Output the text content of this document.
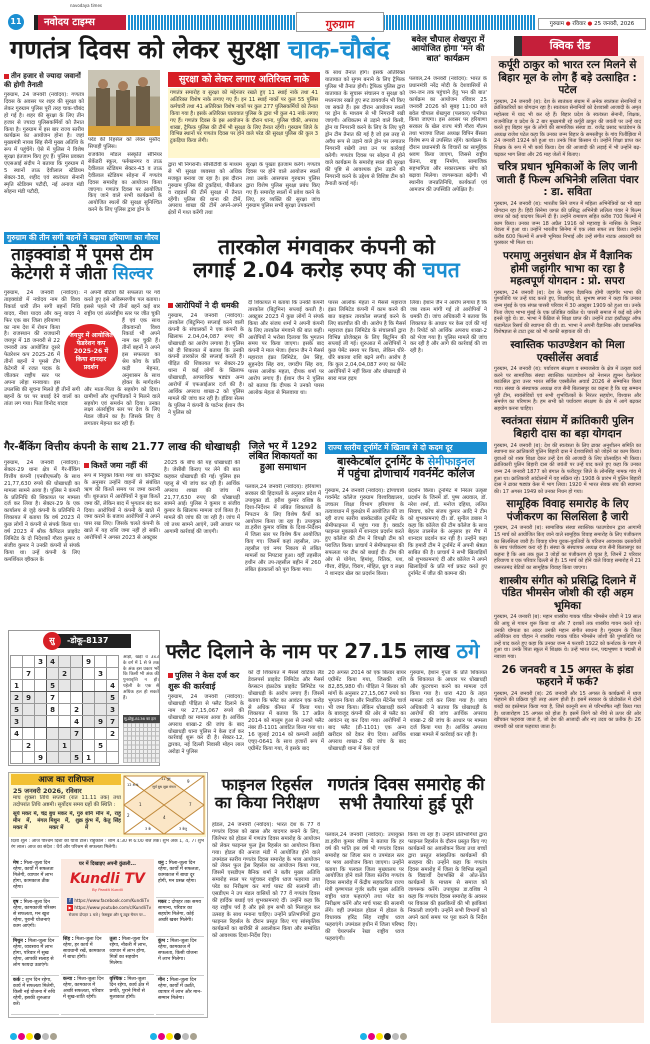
11
navodaya times
नवोदय टाइम्स	गुरुग्राम	गुरुग्राम ● रविवार ● 25 जनवरी, 2026
गणतंत्र दिवस को लेकर सुरक्षा चाक-चौबंद
तीन हजार से ज्यादा जवानों की होगी तैनाती
गुरुग्राम, 24 जनवरी (नवोदय): गणतंत्र दिवस के अवसर पर शहर की सुरक्षा को लेकर गुरुग्राम पुलिस पूरी तरह चाक-चौबंद हो गई है। शहर की सुरक्षा के लिए तीन हजार से ज्यादा पुलिसकर्मियों को तैनात किया है। गुरुग्राम में इस बार राज्य स्तरीय कार्यक्रम का आयोजन होना है। जहां मुख्यमंत्री नायब सिंह सैनी मुख्य अतिथि के रूप में पहुंचेंगे। ऐसे में पुलिस ने विशेष सुरक्षा इंतजाम किए हुए हैं। पुलिस प्रवक्ता एएसआई संदीप ने बताया कि गुरुग्राम में 5 स्थानों ताऊ देवीलाल स्टेडियम सेक्टर-38, शहीद एवं स्वतंत्रता सेनानी स्मृति स्टेडियम पटौदी, नई अनाज मंडी सोहना मंडी पटौदी,
परेड की रिहर्सल को लेकर मुस्तैद सिपाही पुलिस।
राजकीय मॉडल संस्कृति सीनियर सेकेंडरी स्कूल, फर्रुखनगर व ताऊ देवीलाल स्टेडियम सेक्टर-43 व ताऊ देवीलाल स्टेडियम सोहना में गणतंत्र दिवस समारोह का आयोजन किया जाएगा। गणतंत्र दिवस पर आयोजित किए जाने वाले सभी कार्यक्रमों के आयोजित स्थलों की सुरक्षा सुनिश्चित करने के लिए पुलिस द्वारा ड्रोन के
सुरक्षा को लेकर लगाए अतिरिक्त नाके
गणतंत्र समारोह व सुरक्षा को मद्देनजर रखते हुए 11 स्थाई नाके तथा 41 अतिरिक्त विशेष नाके लगाए गए हैं। इन 11 स्थाई नाकों पर कुल 55 पुलिस कर्मचारी तथा 41 अतिरिक्त विशेष नाकों पर कुल 277 पुलिसकर्मियों को तैनात किया गया है। इसके अतिरिक्त यातायात पुलिस के द्वारा भी कुल 41 नाके लगाए गए हैं। गणतंत्र दिवस के इस आयोजन के दौरान थाना, पुलिस चौकी, अपराध शाखा, ट्रैफिक पुलिस की टीमें भी सुरक्षा के लिए तैनात रहेंगी। गुरुग्राम जिले के विभिन्न स्थानों पर गणतंत्र दिवस पर होने वाले परेड की सुरक्षा पुलिस की कुल 3 टुकड़िया किया लेगी।
द्वारा भी निगरानी। सीसीटीवी के माध्यम से भी सुरक्षा व्यवस्था को अधिक मजबूत बनाया जा रहा है। इस दौरान गुरुग्राम पुलिस की टुकड़ियां, पीसीआर व राइडर्स की टीमें सुरक्षा में तैनात रहेंगी। पुलिस की थाना की टीमें, अपराध शाखा की टीमें अपने-अपने क्षेत्रों में गश्त करेंगी तथा
सुरक्षा के पुख्ता इंतजाम करेंगे। गणतंत्र दिवस पर होने वाले आयोजन स्थलों तथा उसके आसपास गुरुग्राम पुलिस द्वारा विशेष पुलिस सुरक्षा प्रबंध किए गए हैं। समारोह स्थलों में प्रवेश करने के लिए, हर व्यक्ति की सुरक्षा जांच गुरुग्राम पुलिस सभी सुरक्षा उपकरणों
के साथ तैनात होंगे। इसके अतिरिक्त यातायात को सुगम बनाने के लिए ट्रैफिक पुलिस भी तैनात होगी। ट्रैफिक पुलिस द्वारा यातायात के सुचारू संचालन व सुरक्षा को मध्यनजर रखते हुए रूट डायवर्जन भी किए जा सकते हैं। इस दौरान आयोजन स्थलों पर ड्रोन के माध्यम से भी निगरानी रखी जाएगी। अधिकतम से उड़ाने वाले किसी, ड्रोन या निगरानी करने के लिए के लिए पुरी ड्रोन टीम तैनात की गई है जो इस तरह से अवैध रूप से उड़ाने वाले ड्रोन पर लगातार निगरानी रखेगी तथा उन पर कार्रवाई करेगी। गणतंत्र दिवस पर सोहना में होने वाले कार्यक्रम के समारोह स्थल की सुरक्षा की पुष्टि से आवश्यक ड्रोन उड़ाने की निगरानी करने के उद्देश्य से विशिष्ट टीम को तैनाती कराई गई।
बवेल चौपाल शेखपुरा में आयोजित होगा 'मन की बात' कार्यक्रम
पलवल,24 जनवरी (नवोदय): भारत के प्रधानमंत्री नरेंद्र मोदी के देशवासियों से जन-जन तक पहुंचाने हेतु 'मन की बात' कार्यक्रम का आयोजन रविवार 25 जनवरी 2026 को सुबह 11:00 बजे बवेल चौपाल शेखपुरा (पलवल) पानीपत किया जाएगा। इस अवसर पर हरियाणा सरकार के खेल राज्य मंत्री गौरव गौतम तथा भाजपा जिला अध्यक्ष विपिन बैंसला विशेष रूप से उपस्थित रहेंगे। कार्यक्रम के दौरान प्रधानमंत्री के विचारों का सामूहिक श्रवण किया जाएगा, जिससे राष्ट्रीय चेतना, राष्ट्र निर्माण, सामाजिक सहभागिता और सकारात्मक सोच को बढ़ावा मिलेगा। जागरूकता बढ़ेगी। भी स्थानीय जनप्रतिनिधि, कार्यकर्ता एवं आमजन की उपस्थिति अपेक्षित है।
गुरुग्राम की तीन सगी बहनों ने बढ़ाया हरियाणा का गौरव
ताइक्वांडो में पूमसे टीम
केटेगरी में जीता सिल्वर
गुरुग्राम, 24 जनवरी (नवोदय): ताइक्वांडो में नवोदय नाम की विश्व रिकार्ड धारी तीन सगी बहनों निधि यादव, नीशा यादव और कनु यादव ने फिर एक बार जिला हरियाणा का नाम देश में रोशन किया है। राजस्थान की राजधानी जयपुर में 18 जनवरी से 22 जनवरी तक आयोजित दूसरे फेडरेशन कप 2025-26 में तीनों बहनों ने पूमसे टीम केटेगरी में रजत पदक के जीतकर राष्ट्रीय स्तर पर अपना लोहा मनवाया। इस उपलब्धि की सूचना मिलते ही तीनों सगी बहनों के घर पर बधाई देने वालों का तांता लग गया। पिता विनोद यादव
ने अपनी बेटियों की सफलता पर गर्व करते हुए इसे अविस्मरणीय पल बताया। इससे पहले भी तीनों बहनें कई बार राष्ट्रीय एवं अंतर्राष्ट्रीय स्तर पर जीत चुकी हैं एवं एक साथ तीकवान्डो विश्व रिकार्ड भी अपने नाम कर चुकी हैं। तीनों बहनों ने अपने इस सफलता का श्रेय कोच के प्रति कड़ी मेहनत, अनुशासन के साथ होकर के मार्गदर्शन और माता-पिता के सहयोग को दिया। ग्रामीणों और शुभचिंतकों ने मिलने वाले सहयोग एवं समर्थन को दिया। उनका लक्ष्य अंतर्राष्ट्रीय स्तर पर देश के लिए मेडल जीतने का है। जिसके लिए वे लगातार मेहनत कर रही हैं।
जयपुर में आयोजित फेडरेशन कप 2025-26 में किया शानदार प्रदर्शन
तारकोल मंगवाकर कंपनी को
लगाई 2.04 करोड़ रुपए की चपत
आरोपियों ने दी धमकी
गुरुग्राम, 24 जनवरी (नवोदय): तारकोल (बिटुमिन) सप्लाई करने वाली कंपनी के संचालकों ने एक कंपनी के खिलाफ 2.04,04,087 रुपए की धोखाधड़ी का आरोप लगाया है। पुलिस को दी शिकायत में बताया कि उनकी कंपनी तारकोल की सप्लाई करती है। पीड़ित की शिकायत पर सेक्टर-29 थाना में कई लोगों के खिलाफ धोखाधड़ी, आपराधिक षड्यंत्र अन्य आरोपों में एफआईआर दर्ज की है। आर्थिक अपराध शाखा-2 को पुलिस मामले की जांच कर रही है। इंडिया सेल्स के पुलिस ने कंपनी के पार्टनर ईशान जैन ने पुलिस को
दी शिकायत में बताया कि उनकी कंपनी तारकोल (बिटुमिन) सप्लाई करती है। अक्टूबर 2023 में कुछ लोगों ने संपर्क किया और संजय शर्मा ने अपनी कंपनी के लिए तारकोल मंगवाने की बात कही। आरोपियों ने भरोसा दिलाया कि भुगतान समय पर किया जाएगा। इसके बाद कंपनी ने माल भेजा। ईशान जैन ने मैसर्स महाराज इंफ्रा लिमिटेड, प्रेम सिंह, सुहनदेव सिंह राव, जगदीप सिंह राव, पारस आलोक महता, दीपक शर्मा पर आरोप लगाए हैं। ईशान जैन ने पुलिस को बताया कि दीपक ने उनको पारस आलोक मेहता से मिलवाया था।
पारस आलोक मेहता ने मैसर्स महाराज इंफ्रा लिमिटेड कंपनी में काम करने की बात कहकर तारकोल सप्लाई करने के लिए बातचीत की थी। आरोप है कि मैसर्स महाराज इंफ्रा लिमिटेड के संचालकों द्वारा विभिन्न प्रोजेक्ट्स के लिए बिटुमिन की सप्लाई ली गई। शुरुआत में आरोपियों ने कुछ पेमेंट समय पर किया, लेकिन धीरे-धीरे बकाया राशि बढ़ने लगी। आरोप है कि कुल 2,04,04,087 रुपए का पेमेंट आरोपियों ने नहीं किया और धोखाधड़ी से सारा माल हड़प
लिया। ईशान जैन ने आरोप लगाया है कि जब रकम मांगी गई तो आरोपियों ने धमकी दी। जांच अधिकारी ने बताया कि शिकायत के आधार पर केस दर्ज की गई है। रिपोर्ट को आर्थिक अपराध शाखा-2 को भेजा गया है। पुलिस मामले की जांच कर रही है और आगे की कार्रवाई की जा रही है।
गैर-बैंकिंग वित्तीय कंपनी के साथ 21.77 लाख की धोखाधड़ी
गुरुग्राम, 24 जनवरी (नवोदय): सेक्टर-29 थाना क्षेत्र में गैर-बैंकिंग वित्तीय कंपनी (एनबीएफसी) के साथ 21,77,630 रुपये की धोखाधड़ी का मामला सामने आया है। पुलिस ने कंपनी के प्रतिनिधि की शिकायत पर मामला दर्ज कर लिया है। सेक्टर-29 के एक कार्यालय से जुड़े कंपनी के प्रतिनिधि ने शिकायत में बताया कि वर्ष 2023 में कुछ लोगों ने कंपनी से संपर्क किया था। वर्ष 2023 में श्रीक कैपिटल प्राइवेट लिमिटेड के दो निदेशकों गौरव कुमार व संजीव कुमार ने उनकी कंपनी से संपर्क किया था। उन्हें कंपनी के लिए कमर्शियल व्हीकल के
किश्तें जमा नहीं कीं
रूप में नियुक्त किया गया था। कॉन्ट्रैक्ट के अनुसार उन्होंने वाहनों से संबंधित ऋण की किश्तें समय पर जमा करानी थीं। शुरुआत में आरोपियों ने कुछ किश्तें जमा कीं, लेकिन बाद में भुगतान बंद कर दिया। आरोपियों ने कंपनी के खाते में जमा कराने के बजाय आरोपियों ने अपने पास रख लिए। जिसके चलते कंपनी के खाते में यह राशि जमा नहीं हो सकी। आरोपियों ने अगस्त 2023 से अक्टूबर
2025 के बीच की यह धोखाधड़ी की है। जेसीबी किराए पर लेने की बात कहकर धोखाधड़ी की गई। पुलिस इस पहलू से भी जांच कर रही है। आर्थिक अपराध शाखा की जांच में 21,77,630 रुपए की धोखाधड़ी सामने आई। पुलिस ने कुमार व संजीव कुमार के खिलाफ मामला दर्ज किया है। मामले की जांच की जा रही है। जांच में जो तथ्य सामने आएंगे, उसी आधार पर आगामी कार्रवाई की जाएगी।
जिले भर में 1292 लंबित शिकायतों का हुआ समाधान
पलवल,24 जनवरी (नवोदय): हरियाणा सरकार की हिदायतों के अनुसार प्रदेश में उपायुक्त डॉ. हरीश कुमार वशिष्ठ के दिशा-निर्देशन में लंबित शिकायतों के निपटान के लिए विशेष कैंपों का आयोजन किया जा रहा है। उपायुक्त डा.हरीश कुमार वशिष्ठ के दिशा-निर्देशन में जिला स्तर पर विशेष कैंप आयोजित किए गए। जिसमें कहां तहसील, उप-तहसील एवं नगर निकाय से लंबित मामलों का निपटारा हुआ। वहीं तहसील हथीन और उप-तहसील बहीन में 260 लंबित इंतकालों को पूरा किया गया।
राज्य स्तरीय टूर्नामेंट में खिताब से दो कदम दूर
बास्केटबॉल टूर्नामेंट के सेमीफाइनल
में पहुंचा द्रोणाचार्य गवर्नमेंट कॉलेज
गुरुग्राम, 24 जनवरी (नवोदय): द्रोणाचार्य गवर्नमेंट कॉलेज गुरुग्राम विश्वविद्यालय, उच्चतर शिक्षा विभाग हरियाणा के तत्वावधान में कुरुक्षेत्र में आयोजित की जा रही राज्य स्तरीय बास्केटबॉल टूर्नामेंट के सेमीफाइनल में पहुंच गया है। क्वार्टर फाइनल मुकाबले में शानदार प्रदर्शन करते हुए कॉलेज की टीम ने विपक्षी टीम को पराजित किया। प्राचार्य ने सेमीफाइनल की सफलता पर टीम को बधाई दी। टीम की ओर से योगेश, हिमांशु, रितिक, यश, गौरव, रोहित, चिराग, मोहित, ध्रुव व लक्ष्य ने शानदार खेल का प्रदर्शन किया।
प्रदर्शन किया। टूर्नामेंट में निरंतर उत्कृष्ट प्रदर्शन के जिनमें डॉ. पुष्प अग्रवाल, डॉ. नरेश शर्मा, डॉ. मनोज दहिया, ललित सिवाच, कोच संजय कुमार आदि ने टीम को शुभकामनाएं दीं। डॉ. सुनील डबास ने कहा कि कॉलेज की टीम कॉलेज के साथ बेहतर तालमेल के अनुसार हर मैच में शानदार प्रदर्शन कर रही है। उन्होंने कहा कि हमारी टीम ने टूर्नामेंट में अपनी श्रेष्ठता साबित की है। प्राचार्य ने सभी खिलाड़ियों को शुभकामनाएं दीं और कॉलेज ने अपने खिलाड़ियों के प्रति गर्व प्रकट करते हुए टूर्नामेंट में जीत की कामना की।
सु	-डोकू-8137
		3	4			9		
	7			2			3	
1			5					4
2	9		7					5
5			8		2			3
3					4		9	7
4					7			2
	2			1			5	
		9			5	1		
आड़ी, खड़ी व 3x3 के वर्ग में 1 से 9 तक के अंक इस प्रकार भरें कि किसी भी अंक की पुनरावृत्ति न हो। पहेली के एक से अधिक हल हो सकते हैं।
सु-डोकू-8136 का हल
फ्लैट दिलाने के नाम पर 27.15 लाख ठगे
पुलिस ने केस दर्ज कर शुरू की कार्रवाई
गुरुग्राम, 24 जनवरी (नवोदय): धोखाधड़ी पीड़िता से फ्लैट दिलाने के नाम पर 27,15,067 रुपये की धोखाधड़ी का मामला आया है। आर्थिक अपराध शाखा-2 की जांच के बाद धोखाधड़ी थाना पुलिस ने केस दर्ज कर कार्रवाई शुरू कर दी है। सेक्टर-12, द्वारका, नई दिल्ली निवासी मोहन लाल अरोड़ा ने पुलिस
को दी शिकायत में मैसर्स वाटिका लैंड डेवलपर्स प्राइवेट लिमिटेड और मैसर्स केप्सटन इंफ्राटेक प्राइवेट लिमिटेड पर धोखाधड़ी के आरोप लगाए हैं। जिसमें बताया कि फ्लैट का आवंटन एक करोड़ से अधिक कीमत में किया गया। शिकायत में बताया कि 17 अप्रैल 2014 को मालूम हुआ से उनको फ्लैट नंबर डी-1101 आवंटित किया गया था। 16 जुलाई 2014 को कम्पनी आईडी एच्ए-0641 के साथ हजारों रूप में एग्रीमेंट किया गया, ये इसके बाद
20 अगस्त 2014 को एक बिल्डर बायर एग्रीमेंट किया गया, जिसकी राशि 82,85,980 थी। पीड़िता ने बिल्डर को मांगों के अनुसार 27,15,067 रुपये का भुगतान किया और निर्धारित मेंटेनेंस चार्ज भी जमा किया। लेकिन धोखाधड़ी करने के बावजूद कंपनी की ओर से फ्लैट का आवंटन रद्द कर दिया गया। आरोपियों ने बाद फ्लैट (डी-1101) एक अन्य खरीदार को देकर बेच दिया। आर्थिक अपराध शाखा-2 की जांच के बाद धोखाधड़ी थाना में केस दर्ज
गुरुग्राम, ईशान गुप्ता के प्रति शिकायत के शिकायत के आधार पर धोखाधड़ी और कूटरचना करने का मामला दर्ज किया गया है। धारा 420 के तहत मामला दर्ज कर लिया गया है। जांच अधिकारी ने बताया कि धोखाधड़ी के आरोपों की जांच आर्थिक अपराध शाखा-2 की जांच के आधार पर मामला दर्ज किया गया है। आर्थिक अपराध शाखा मामले में कार्रवाई कर रही है।
आज का राशिफल
25 जनवरी 2026, रविवार
माघ शुक्ला तिथि सप्तमी (रात 11.11 तक) तथा तदोपरांत तिथि अष्टमी। सूर्योदय समय ग्रहों की स्थिति :
सूर्य मकर में, चंद्र मीन में, मंगल मकर में
बुध मकर में, गुरु मिथुन में, शुक्र मकर में
शनि मीन में, राहु कुंभ में, केतु सिंह में
सूर्य बुध शुक्र मंगल
11 गुरु	9
12 श.च.
1	7
2	4
3 के	3 केतु
दिशा शूल : आज पश्चिम दिशा की यात्रा टालें। राहुकाल : शाम 4:30 से 6:00 बजे तक। शुभ अंक 1, 4, 7। शुभ रंग लाल। आज का संदेश : धैर्य और परिश्रम से सफलता मिलेगी।
मेष : मिला-जुला दिन रहेगा, कार्यों में सफलता मिलेगी, व्यापार में लाभ होगा, कामकाज ठीक रहेगा।
वृष : मिला-जुला दिन रहेगा, कामकाजी परिश्रम से सफलता, मन खुश रहेगा, पुरानी योजनाएं काम आएंगी।
मिथुन : मिला-जुला दिन रहेगा, व्यवसाय में लाभ होगा, परिवार में सुख रहेगा, आपकी सलाह से लोग फायदा उठाएंगे।
कर्क : शुभ दिन रहेगा, कार्य में सफलता मिलेगी, किसी नई योजना में रुचि रहेगी, इसकी शुरुआत करें।
धनु : मिला-जुला दिन रहेगा, कार्यों में सफलता, कामकाज में बाधा दूर होगी, मन प्रसन्न रहेगा।
मकर : दोपहर तक समय सामान्य, परिवार का सहयोग मिलेगा, कोई अच्छी खबर मिलेगी।
कुंभ : मिला-जुला दिन रहेगा, कामकाज में सफलता, किसी योजना में लाभ मिलेगा।
मीन : मिला-जुला दिन रहेगा, कार्यों में उन्नति, व्यापार में लाभ और मान-सम्मान मिलेगा।
घर में दिखाइए अपनी कुंडली...
Kundli TV
By Pandit Kundli
f https://www.facebook.com/KundliTv
▶ https://www.youtube.com/c/KundliTv
रोजाना दोपहर 1 बजे | फेसबुक और यू ट्यूब चैनल पर...
सिंह : मिला-जुला दिन रहेगा, हर कार्य में सावधानी रखें, कामकाज में बाधा होगी।
तुला : मिला-जुला दिन रहेगा, नौकरी में लाभ, व्यापार में लाभ होगा, मित्रों का सहयोग मिलेगा।
कन्या : मिला-जुला दिन रहेगा, कामकाज में अच्छी सफलता, परिवार में सुख-शांति रहेगी।
वृश्चिक : मिला-जुला दिन रहेगा, कार्य क्षेत्र में प्रगति, पुराने मित्रों से मुलाकात होगी।
फाइनल रिहर्सल का किया निरीक्षण
होडल, 24 जनवरी (नवोदय): भारत देश के 77 वें गणतंत्र दिवस को खास और यादगार बनाने के लिए, जिलेभर को होडल में गणतंत्र दिवस समारोह के आयोजन को लेकर फाइनल फुल ड्रेस रिहर्सल का आयोजन किया गया। होडल की अनाज मंडी में आयोजित होने वाले उपमंडल स्तरीय गणतंत्र दिवस समारोह के भव्य आयोजन को लेकर फुल ड्रेस रिहर्सल का आयोजन किया गया, जिसमें एसडीएम बैनिक शर्मा ने बतौर मुख्य अतिथि समारोह स्थल पर पहुंचकर राष्ट्रीय ध्वज फहराया तथा परेड का निरीक्षण कर मार्च पास्ट की सलामी ली। एसडीएम ने उप मंडल वासियों को 77 वें गणतंत्र दिवस की हार्दिक बधाई एवं शुभकामनाएं दीं। उन्होंने कहा कि यह राष्ट्रीय पर्व है और इसे हम सभी को मिलजुल कर उत्साह के साथ मनाना चाहिए। उन्होंने प्रतिभागियों द्वारा फाइनल रिहर्सल के दौरान प्रस्तुत किए गए सांस्कृतिक कार्यक्रमों का बारीकी से अवलोकन किया और सम्बंधित को आवश्यक दिशा-निर्देश दिए।
गणतंत्र दिवस समारोह की सभी तैयारियां हुई पूरी
पलवल,24 जनवरी (नवोदय): उपायुक्त डा.हरीश कुमार वशिष्ठ ने बताया कि हर वर्ष की भांति इस वर्ष भी गणतंत्र दिवस समारोह का जिला स्तर व उपमंडल स्तर पर भव्य आयोजन किया जाएगा। उन्होंने बताया कि पलवल जिला मुख्यालय पर आयोजित होने वाले जिला स्तरीय गणतंत्र दिवस समारोह में केंद्रीय सहकारिता राज्य मंत्री कृष्णपाल गुर्जर बतौर मुख्य अतिथि राष्ट्रीय ध्वज फहराएंगे तथा परेड का निरीक्षण करेंगे और मार्च पास्ट की सलामी लेंगे। वहीं उपमंडल होडल में होडल के विधायक हरिंद्र सिंह राष्ट्रीय ध्वज फहराएंगे। उपमंडल हथीन में जिला परिषद की चेयरपर्सन रेखा राष्ट्रीय ध्वज फहराएंगी।
किया जा रहा है। उन्होंने प्रतिभागियों द्वारा फाइनल रिहर्सल के दौरान प्रस्तुत किए गए कार्यक्रमों का अवलोकन किया तथा बच्चों द्वारा प्रस्तुत सांस्कृतिक कार्यक्रमों की सराहना की। उन्होंने कहा कि गणतंत्र दिवस समारोह में जिला के विभिन्न स्कूलों के विद्यार्थी देशभक्ति से ओत-प्रोत कार्यक्रमों के माध्यम से समाज को जागरूक करेंगे। उपायुक्त डा.वशिष्ठ ने कहा कि गणतंत्र दिवस समारोह के अवसर पर विकास की झलकियों की भी झांकियां निकाली जाएंगी। उन्होंने सभी विभागों को अपने कार्य समय पर पूरा करने के निर्देश दिए।
कर्पूरी ठाकुर को भारत रत्न मिलने से बिहार मूल के लोग हैं बड़े उत्साहित : पटेल
गुरुग्राम, 24 जनवरी (ब): देश के स्वतंत्रता संग्राम में अनेक स्वतंत्रता सेनानियों व क्रांतिकारियों का योगदान रहा है। स्वतंत्रता सेनानियों को देशवासी आजादी के अमृत महोत्सव में याद भी कर रहे हैं। बिहार प्रदेश के स्वतंत्रता सेनानी, शिक्षक, राजनीतिज्ञ व प्रदेश के 2 बार मुख्यमंत्री रहे कर्पूरी ठाकुर की जयंती पर उन्हें याद करते हुए बिहार मूल के लोगों की सामाजिक संस्था डा. राजेंद्र प्रसाद फाउंडेशन के अध्यक्ष राजेश पटेल कहा कि उनका जन्म बिहार के समस्तीपुर के गांव पितौंझिया में 24 जनवरी 1924 को हुआ था। उनके पिता किसान थे। उन्होंने शिक्षा प्राप्त कर शिक्षक के रूप में भी कार्य किया। देश की आजादी की लड़ाई में भी उन्होंने बढ़-चढ़कर भाग लिया और 26 माह जेलों में बिताए।
चरित्र प्रधान भूमिकाओं के लिए जानी जाती हैं फिल्म अभिनेत्री ललिता पंवार : डा. सविता
गुरुग्राम, 24 जनवरी (ब): भारतीय सिने जगत में महिला अभिनेत्रियों का भी बड़ा योगदान रहा है। हिंदी सिनेमा जगत की प्रसिद्ध अभिनेत्री ललिता पंवार ने फिल्म जगत को कई यादगार फिल्में दी हैं। उन्होंने रामायण सहित करीब 700 फिल्मों में काम किया। उनका जन्म 18 अप्रैल 1916 को महाराष्ट्र के नासिक के निकट येवला में हुआ था। उन्होंने भारतीय सिनेमा में एक लंबा सफर तय किया। उन्होंने करीब 600 फिल्मों में अपनी भूमिका निभाई और उन्हें संगीत नाटक अकादमी का पुरस्कार भी मिला था।
परमाणु अनुसंधान क्षेत्र में वैज्ञानिक होमी जहांगीर भाभा का रहा है महत्वपूर्ण योगदान : प्रो. सपरा
गुरुग्राम, 24 जनवरी (ब): देश के महान वैज्ञानिक होमी जहांगीर भाभा की पुण्यतिथि पर उन्हें याद करते हुए, शिक्षाविद् प्रो. सुभाष सपरा ने कहा कि उनका जन्म मुंबई के एक संपन्न पारसी परिवार में 30 अक्टूबर 1909 को हुआ था। उनके पिता जेएच भाभा मुंबई के एक प्रतिष्ठित वकील थे। पारसी समाज में कई बड़े लोग इनसे जुड़े थे। डा. भाभा ने कैंब्रिज से शिक्षा प्राप्त की। उन्होंने टाटा इंस्टीट्यूट ऑफ फंडामेंटल रिसर्च की स्थापना की थी। डा. भाभा ने अपनी वैज्ञानिक और प्रशासनिक विशेषज्ञता से टाटा ट्रस्ट को भी काफी सहायता की थी।
स्वास्तिक फाउण्डेशन को मिला एक्सीलेंस अवार्ड
गुरुग्राम, 24 जनवरी (ब): पर्यावरण संरक्षण व समाजसेवा के क्षेत्र में उत्कृष्ट कार्य करने पर सामाजिक संस्था स्वास्तिक फाउण्डेशन को नेशनल ह्यूमन वेलफेयर काउंसिल द्वारा उत्तर भारत सर्विस एक्सीलेंस अवार्ड 2026 से सम्मानित किया गया। संस्था के संस्थापक अध्यक्ष राज सैनी बिलासपुर का कहना है कि यह सम्मान पूरी टीम, स्वयंसेवियों एवं सभी शुभचिंतकों के निरंतर सहयोग, विश्वास और समर्पण का परिणाम है। हम सभी को पर्यावरण संरक्षण के क्षेत्र में आगे बढ़कर सहयोग करना चाहिए।
स्वतंत्रता संग्राम में क्रांतिकारी पुलिन बिहारी दास का बड़ा योगदान
गुरुग्राम, 24 जनवरी (ब): देश की स्वतंत्रता के लिए ढाका अनुशीलन समिति का स्थापना कर क्रांतिकारी पुलिन बिहारी दास ने देशवासियों को जोड़ने का काम किया। युवाओं को शस्त्र शिक्षा देकर उन्हें देश की आजादी के लिए प्रोत्साहित भी किया। क्रांतिकारी पुलिन बिहारी दास की जयंती पर उन्हें याद करते हुए कहा कि उनका जन्म 24 जनवरी 1877 को बंगाल के फरीदपुर जिले के लोनसिंह नामक गांव में हुआ था। क्रांतिकारी आंदोलनों में वह सक्रिय रहे। 1908 के प्रारंभ में पुलिन बिहारी दास ने ढाका षड्यंत्र केस में भाग लिया। 1920 में भारत सेवक संघ की स्थापना की। 17 अगस्त 1949 को उनका निधन हो गया।
सामूहिक विवाह समारोह के लिए पंजीकरण का सिलसिला है जारी
गुरुग्राम, 24 जनवरी (ब): सामाजिक संस्था स्वास्तिक फाउण्डेशन द्वारा आगामी 15 मार्च को आयोजित किए जाने वाले सामूहिक विवाह समारोह के लिए पंजीकरण का सिलसिला जारी है। विवाह योग्य युवक-युवतियों के परिजन आवश्यक दस्तावेजों के साथ पंजीकरण करा रहे हैं। संस्था के संस्थापक अध्यक्ष राज सैनी बिलासपुर का कहना है कि अब तक कुल 3 जोड़ों का पंजीकरण हो चुका है, जिनमें 2 परिवार हरियाणा व एक परिवार दिल्ली से है। 15 मार्च को होने वाले विवाह समारोह में 21 जरूरतमंद बेटियों का सामूहिक विवाह किया जाएगा।
शास्त्रीय संगीत को प्रसिद्धि दिलाने में पंडित भीमसेन जोशी की रही अहम भूमिका
गुरुग्राम, 24 जनवरी (ब): महान शास्त्रीय गायक पंडित भीमसेन जोशी ने 19 साल की आयु से गायन शुरू किया था और 7 दशकों तक शास्त्रीय गायन करते रहे। उनकी योग्यता का आदर उनकी महान संगीत साधना है। गुरुग्राम के जिला अतिरिक्त राव चौहान ने शास्त्रीय गायक पंडित भीमसेन जोशी की पुण्यतिथि पर उन्हें याद करते हुए कहा कि उनका जन्म 4 फरवरी 1922 को कर्नाटक के गडग में हुआ था। उनके पिता स्कूल में शिक्षक थे। उन्हें भारत रत्न, पद्मभूषण व पद्मश्री से नवाजा गया।
26 जनवरी व 15 अगस्त के झंडा फहराने में फर्क?
गुरुग्राम, 24 जनवरी (ब): 26 जनवरी और 15 अगस्त के कार्यक्रमों में ध्वज फहराने की प्रक्रिया पूरी तरह अलग होती है। इसमें सरकार के प्रोटोकॉल में दोनों शब्दों का इस्तेमाल किया गया है, जिसे कानूनी रूप से परिभाषित नहीं किया गया है। ध्वजारोहण 15 अगस्त को होता है। इसमें तिरंगे को नीचे से ऊपर की ओर खींचकर फहराया जाता है, जो देश की आजादी और नए उदय का प्रतीक है। 26 जनवरी को ध्वज फहराया जाता है।
क्विक रीड
